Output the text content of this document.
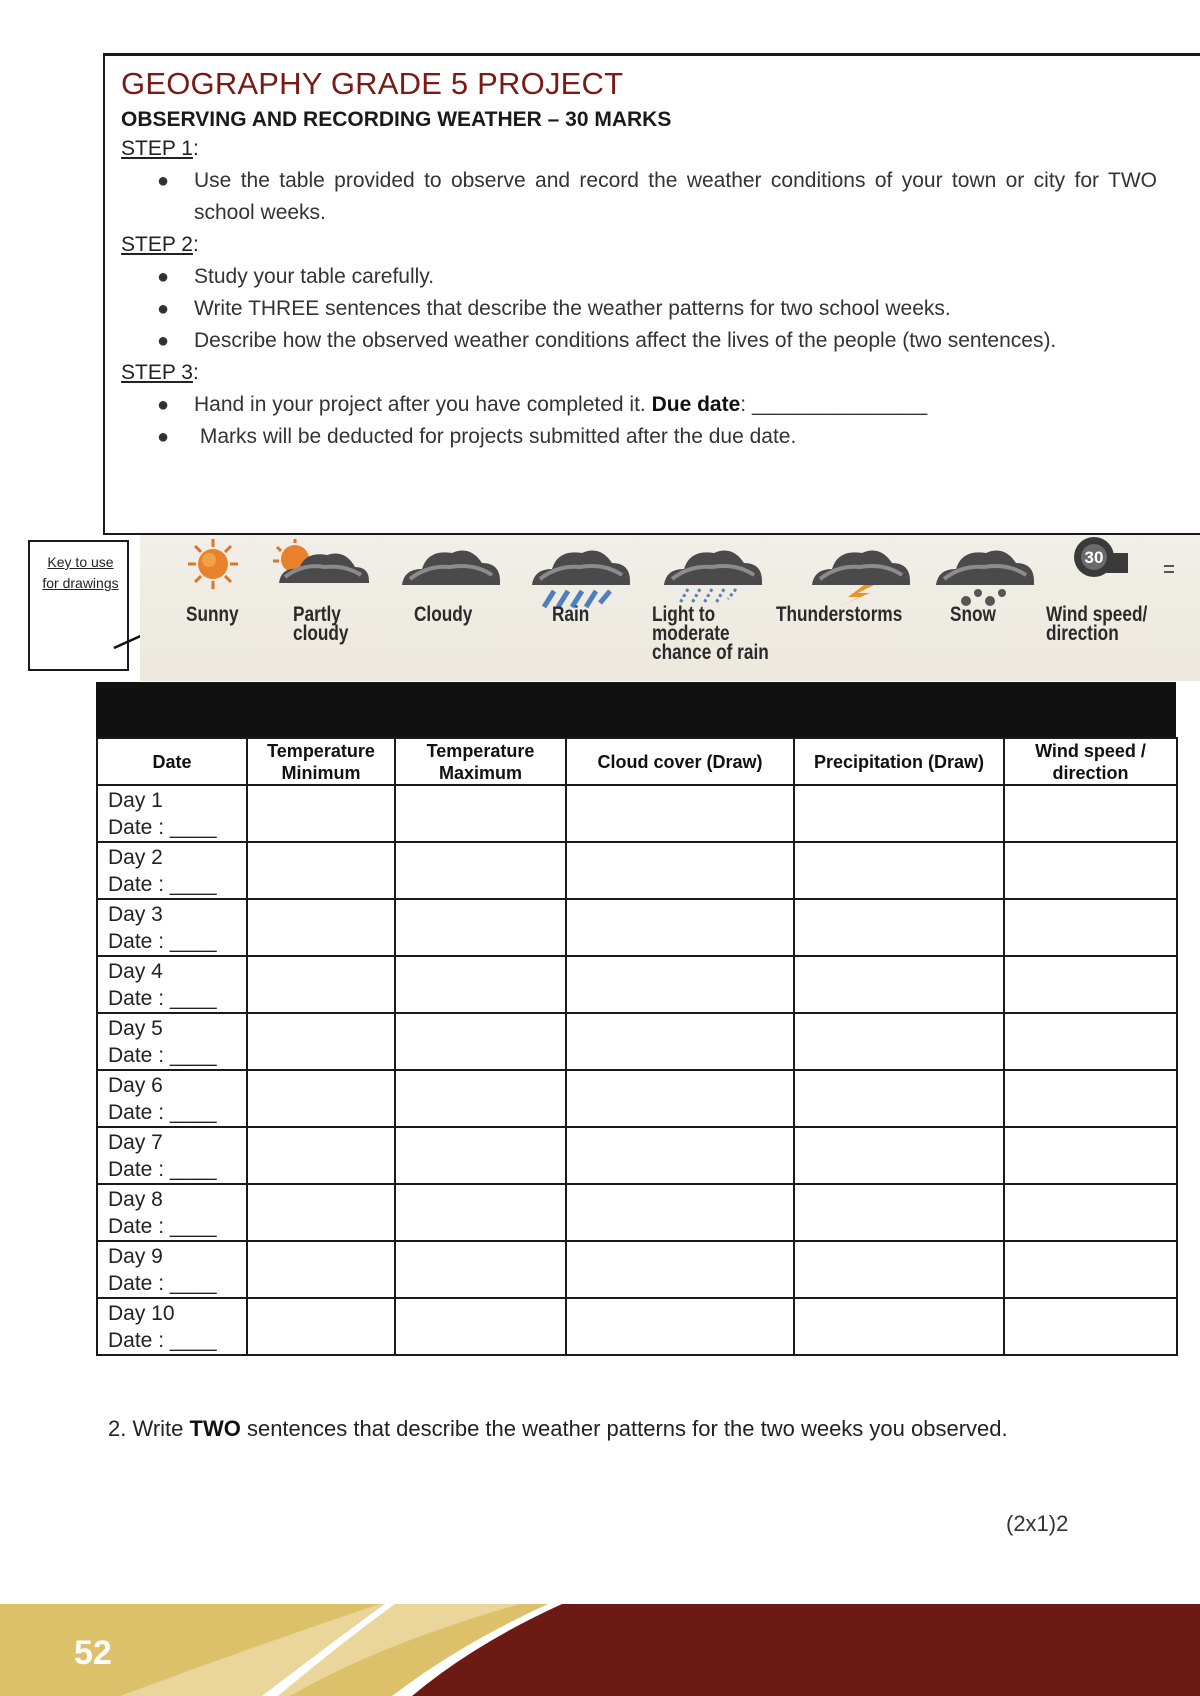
GEOGRAPHY GRADE 5 PROJECT
OBSERVING AND RECORDING WEATHER – 30 MARKS
STEP 1:
● Use the table provided to observe and record the weather conditions of your town or city for TWO school weeks.
STEP 2:
● Study your table carefully.
● Write THREE sentences that describe the weather patterns for two school weeks.
● Describe how the observed weather conditions affect the lives of the people (two sentences).
STEP 3:
● Hand in your project after you have completed it. Due date: _______________
● Marks will be deducted for projects submitted after the due date.
Key to use for drawings
Sunny	Partly cloudy
Cloudy	Rain	Light to moderate chance of rain
Thunderstorms Snow
30
Wind speed/ direction
Date	Temperature Minimum	Temperature Maximum	Cloud cover (Draw)	Precipitation (Draw)	Wind speed / direction

Day 1
Date : ____					

Day 2
Date : ____					

Day 3
Date : ____					

Day 4
Date : ____					

Day 5
Date : ____					

Day 6
Date : ____					

Day 7
Date : ____					

Day 8
Date : ____					

Day 9
Date : ____					

Day 10
Date : ____					

2. Write TWO sentences that describe the weather patterns for the two weeks you observed.
(2x1)2
52
